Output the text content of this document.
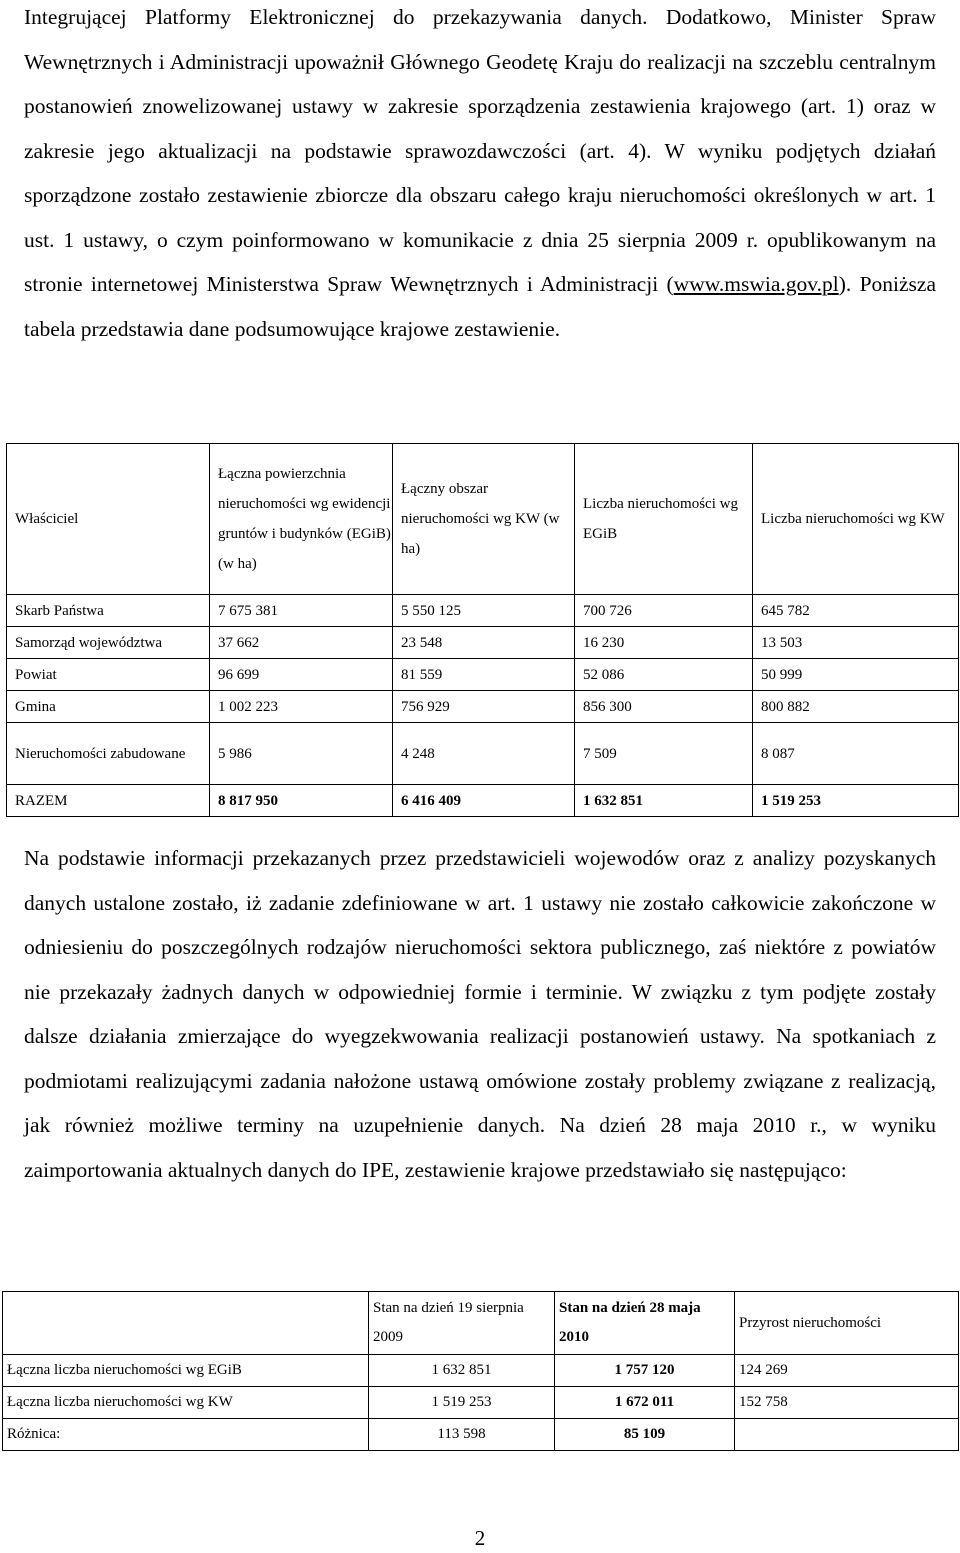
Integrującej Platformy Elektronicznej do przekazywania danych. Dodatkowo, Minister Spraw Wewnętrznych i Administracji upoważnił Głównego Geodetę Kraju do realizacji na szczeblu centralnym postanowień znowelizowanej ustawy w zakresie sporządzenia zestawienia krajowego (art. 1) oraz w zakresie jego aktualizacji na podstawie sprawozdawczości (art. 4). W wyniku podjętych działań sporządzone zostało zestawienie zbiorcze dla obszaru całego kraju nieruchomości określonych w art. 1 ust. 1 ustawy, o czym poinformowano w komunikacie z dnia 25 sierpnia 2009 r. opublikowanym na stronie internetowej Ministerstwa Spraw Wewnętrznych i Administracji (www.mswia.gov.pl). Poniższa tabela przedstawia dane podsumowujące krajowe zestawienie.

Właściciel	Łączna powierzchnia nieruchomości wg ewidencji gruntów i budynków (EGiB) (w ha)	Łączny obszar nieruchomości wg KW (w ha)	Liczba nieruchomości wg EGiB	Liczba nieruchomości wg KW
Skarb Państwa	7 675 381	5 550 125	700 726	645 782
Samorząd województwa	37 662	23 548	16 230	13 503
Powiat	96 699	81 559	52 086	50 999
Gmina	1 002 223	756 929	856 300	800 882
Nieruchomości zabudowane	5 986	4 248	7 509	8 087
RAZEM	8 817 950	6 416 409	1 632 851	1 519 253

Na podstawie informacji przekazanych przez przedstawicieli wojewodów oraz z analizy pozyskanych danych ustalone zostało, iż zadanie zdefiniowane w art. 1 ustawy nie zostało całkowicie zakończone w odniesieniu do poszczególnych rodzajów nieruchomości sektora publicznego, zaś niektóre z powiatów nie przekazały żadnych danych w odpowiedniej formie i terminie. W związku z tym podjęte zostały dalsze działania zmierzające do wyegzekwowania realizacji postanowień ustawy. Na spotkaniach z podmiotami realizującymi zadania nałożone ustawą omówione zostały problemy związane z realizacją, jak również możliwe terminy na uzupełnienie danych. Na dzień 28 maja 2010 r., w wyniku zaimportowania aktualnych danych do IPE, zestawienie krajowe przedstawiało się następująco:

	Stan na dzień 19 sierpnia 2009	Stan na dzień 28 maja 2010	Przyrost nieruchomości
Łączna liczba nieruchomości wg EGiB	1 632 851	1 757 120	124 269
Łączna liczba nieruchomości wg KW	1 519 253	1 672 011	152 758
Różnica:	113 598	85 109	
2
